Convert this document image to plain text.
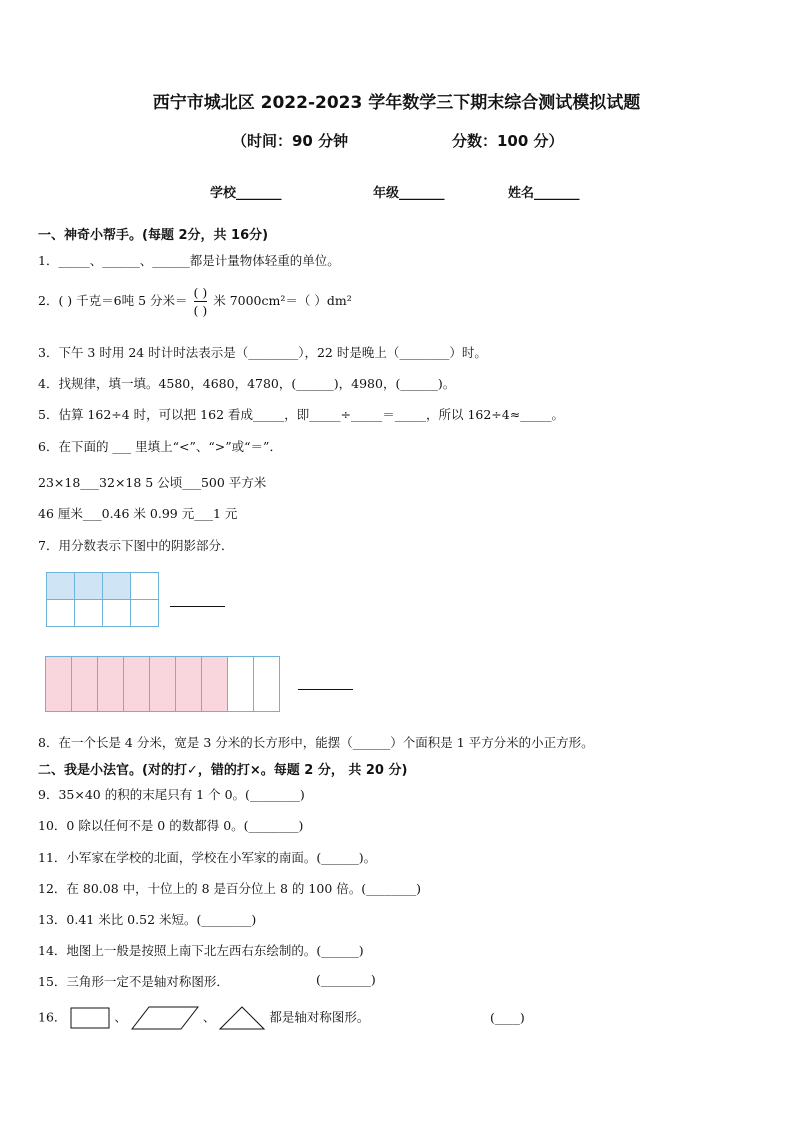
西宁市城北区 2022-2023 学年数学三下期末综合测试模拟试题
（时间：90 分钟	分数：100 分）
学校_______	年级_______	姓名_______
一、神奇小帮手。(每题 2分，共 16分)
1．_____、______、______都是计量物体轻重的单位。
2．( ) 千克＝6吨 5 分米＝ $\frac{( )}{( )}$ 米 7000cm²＝（ ）dm²
3．下午 3 时用 24 时计时法表示是（________），22 时是晚上（________）时。
4．找规律，填一填。4580，4680，4780，(______)，4980，(______)。
5．估算 162÷4 时，可以把 162 看成_____，即_____÷_____＝_____，所以 162÷4≈_____。
6．在下面的 ___ 里填上“<”、“>”或“＝”．
23×18___32×18 5 公顷___500 平方米
46 厘米___0.46 米 0.99 元___1 元
7．用分数表示下图中的阴影部分．

8．在一个长是 4 分米，宽是 3 分米的长方形中，能摆（______）个面积是 1 平方分米的小正方形。
二、我是小法官。(对的打✓，错的打×。每题 2 分， 共 20 分)
9．35×40 的积的末尾只有 1 个 0。(________)
10．0 除以任何不是 0 的数都得 0。(________)
11．小军家在学校的北面，学校在小军家的南面。(______)。
12．在 80.08 中，十位上的 8 是百分位上 8 的 100 倍。(________)
13．0.41 米比 0.52 米短。(________)
14．地图上一般是按照上南下北左西右东绘制的。(______)
15．三角形一定不是轴对称图形．	(________)
16．	、	、	都是轴对称图形。	(____)
